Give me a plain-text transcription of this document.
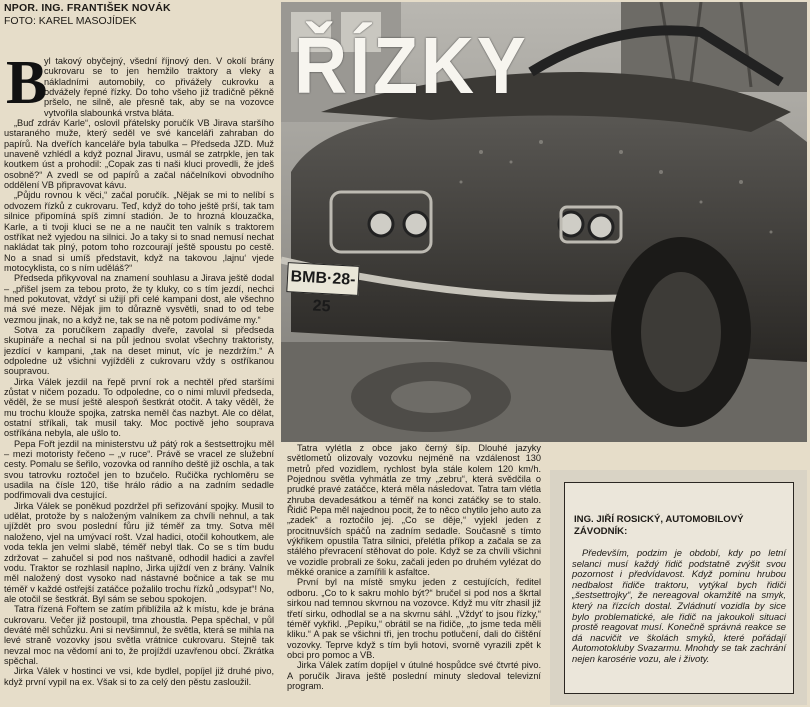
NPOR. ING. FRANTIŠEK NOVÁK
FOTO: KAREL MASOJÍDEK
ŘÍZKY
BMB·28-25
B

yl takový obyčejný, všední říjnový den. V okolí brány cukrovaru se to jen hemžilo traktory a vleky a nákladními automobily, co přivážely cukrovku a odvážely řepné řízky. Do toho všeho již tradičně pěkně pršelo, ne silně, ale přesně tak, aby se na vozovce vytvořila slabounká vrstva bláta.

„Buď zdráv Karle“, oslovil přátelsky poručík VB Jirava staršího ustaraného muže, který seděl ve své kanceláři zahraban do papírů. Na dveřích kanceláře byla tabulka – Předseda JZD. Muž unaveně vzhlédl a když poznal Jiravu, usmál se zatrpkle, jen tak koutkem úst a prohodil: „Copak zas ti naši kluci provedli, že jdeš osobně?“ A zvedl se od papírů a začal náčelníkovi obvodního oddělení VB připravovat kávu.

„Půjdu rovnou k věci,“ začal poručík. „Nějak se mi to nelíbí s odvozem řízků z cukrovaru. Teď, když do toho ještě prší, tak tam silnice připomíná spíš zimní stadión. Je to hrozná klouzačka, Karle, a ti tvoji kluci se ne a ne naučit ten valník s traktorem ostříkat než vyjedou na silnici. Jo a taky si to snad nemusí nechat nakládat tak plný, potom toho rozcourají ještě spoustu po cestě. No a snad si umíš představit, když na takovou ‚lajnu‘ vjede motocyklista, co s ním uděláš?“

Předseda přikyvoval na znamení souhlasu a Jirava ještě dodal – „přišel jsem za tebou proto, že ty kluky, co s tím jezdí, nechci hned pokutovat, vždyť si užijí při celé kampani dost, ale všechno má své meze. Nějak jim to důrazně vysvětli, snad to od tebe vezmou jinak, no a když ne, tak se na ně potom podíváme my.“

Sotva za poručíkem zapadly dveře, zavolal si předseda skupináře a nechal si na půl jednou svolat všechny traktoristy, jezdící v kampani, „tak na deset minut, víc je nezdržím.“ A odpoledne už všichni vyjížděli z cukrovaru vždy s ostříkanou soupravou.

Jirka Válek jezdil na řepě první rok a nechtěl před staršími zůstat v ničem pozadu. To odpoledne, co o nimi mluvil předseda, věděl, že se musí ještě alespoň šestkrát otočit. A taky věděl, že mu trochu klouže spojka, zatrska neměl čas nazbyt. Ale co dělat, ostatní stříkali, tak musil taky. Moc poctivě jeho souprava ostříkána nebyla, ale ušlo to.

Pepa Fořt jezdil na ministerstvu už pátý rok a šestsettrojku měl – mezi motoristy řečeno – „v ruce“. Právě se vracel ze služební cesty. Pomalu se šeřilo, vozovka od ranního deště již oschla, a tak svou tatrovku roztočel jen to bzučelo. Ručička rychloměru se usadila na čísle 120, tiše hrálo rádio a na zadním sedadle podřimovali dva cestující.

Jirka Válek se poněkud pozdržel při seřizování spojky. Musil to udělat, protože by s naloženým valníkem za chvíli nehnul, a tak ujíždět pro svou poslední fůru již téměř za tmy. Sotva měl naloženo, vjel na umývací rošt. Vzal hadici, otočil kohoutkem, ale voda tekla jen velmi slabě, téměř nebyl tlak. Co se s tím budu zdržovat – zahučel si pod nos naštvaně, odhodil hadici a zavřel vodu. Traktor se rozhlasil naplno, Jirka ujíždí ven z brány. Valník měl naložený dost vysoko nad nástavné bočnice a tak se mu téměř v každé ostřejší zatáčce požalilo trochu řízků „odsypat“! No, ale otočil se šestkrát. Byl sám se sebou spokojen.

Tatra řízená Fořtem se zatím přiblížila až k místu, kde je brána cukrovaru. Večer již postoupil, tma zhoustla. Pepa spěchal, v půl deváté měl schůzku. Ani si nevšimnul, že světla, která se mihla na levé straně vozovky jsou světla vrátnice cukrovaru. Stejně tak nevzal moc na vědomí ani to, že projíždí uzavřenou obcí. Zkrátka spěchal.

Jirka Válek v hostinci ve vsi, kde bydlel, popíjel již druhé pivo, když první vypil na ex. Však si to za celý den pěstu zasloužil.

Tatra vylétla z obce jako černý šíp. Dlouhé jazyky světlometů olizovaly vozovku nejméně na vzdálenost 130 metrů před vozidlem, rychlost byla stále kolem 120 km/h. Pojednou světla vyhmátla ze tmy „zebru“, která svědčila o prudké pravé zatáčce, která měla následovat. Tatra tam vlétla zhruba devadesátkou a téměř na konci zatáčky se to stalo. Řidič Pepa měl najednou pocit, že to něco chytilo jeho auto za „zadek“ a roztočilo jej. „Co se děje,“ vyjekl jeden z procitnuvších spáčů na zadním sedadle. Současně s tímto výkřikem opustila Tatra silnici, přelétla příkop a začala se za stálého převracení stěhovat do pole. Když se za chvíli všichni ve vozidle probrali ze šoku, začali jeden po druhém vylézat do měkké oranice a zamířili k asfaltce.

První byl na místě smyku jeden z cestujících, ředitel odboru. „Co to k sakru mohlo být?“ bručel si pod nos a škrtal sirkou nad temnou skvrnou na vozovce. Když mu vítr zhasil již třetí sirku, odhodlal se a na skvrnu sáhl. „Vždyť to jsou řízky,“ téměř vykřikl. „Pepíku,“ obrátil se na řidiče, „to jsme teda měli kliku.“ A pak se všichni tři, jen trochu potlučení, dali do čištění vozovky. Teprve když s tím byli hotovi, svorně vyrazili zpět k obci pro pomoc a VB.

Jirka Válek zatím dopíjel v útulné hospůdce své čtvrté pivo. A poručík Jirava ještě poslední minuty sledoval televizní program.

ING. JIŘÍ ROSICKÝ, AUTOMOBILOVÝ ZÁVODNÍK:
Především, podzim je období, kdy po letní selanci musí každý řidič podstatně zvýšit svou pozornost i předvídavost. Když pominu hrubou nedbalost řidiče traktoru, vytýkal bych řidiči „šestsettrojky“, že nereagoval okamžitě na smyk, který na řízcích dostal. Zvládnutí vozidla by sice bylo problematické, ale řidič na jakoukoli situaci prostě reagovat musí. Konečně správná reakce se dá nacvičit ve školách smyků, které pořádají Automotokluby Svazarmu. Mnohdy se tak zachrání nejen karosérie vozu, ale i životy.
